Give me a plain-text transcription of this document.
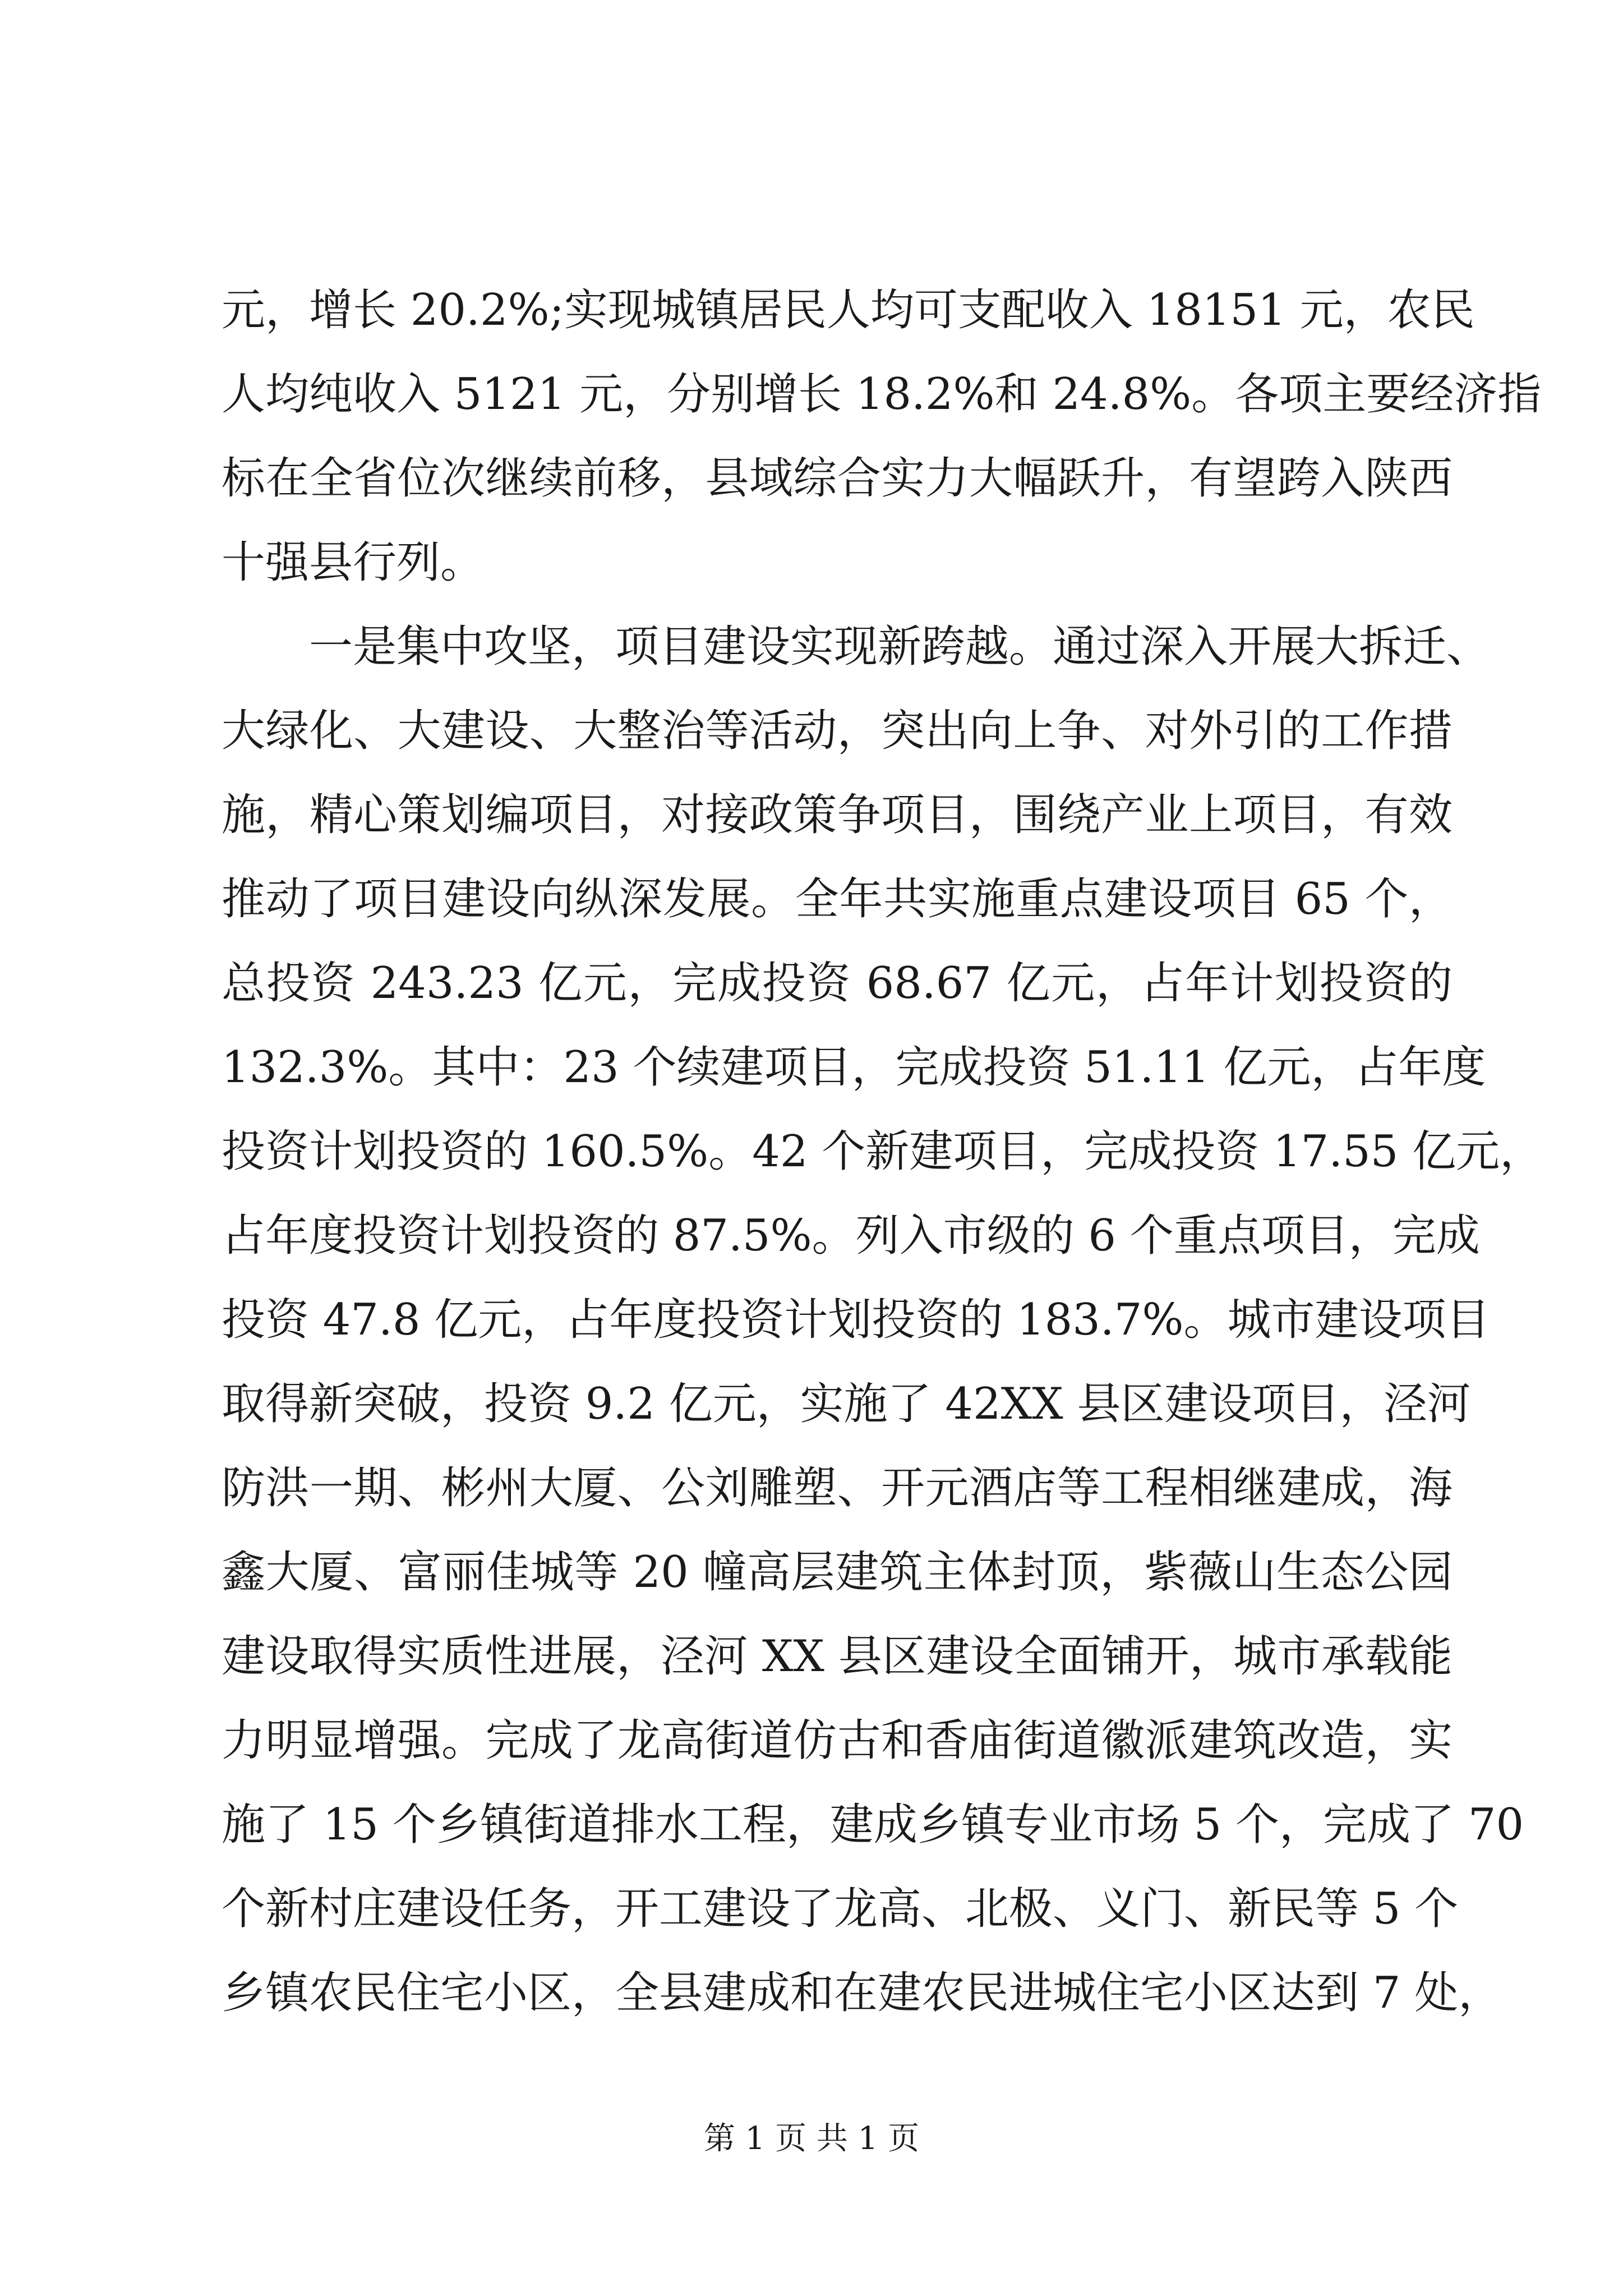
元，增长 20.2%;实现城镇居民人均可支配收入 18151 元，农民
人均纯收入 5121 元，分别增长 18.2%和 24.8%。各项主要经济指
标在全省位次继续前移，县域综合实力大幅跃升，有望跨入陕西
十强县行列。
一是集中攻坚，项目建设实现新跨越。通过深入开展大拆迁、
大绿化、大建设、大整治等活动，突出向上争、对外引的工作措
施，精心策划编项目，对接政策争项目，围绕产业上项目，有效
推动了项目建设向纵深发展。全年共实施重点建设项目 65 个，
总投资 243.23 亿元，完成投资 68.67 亿元，占年计划投资的
132.3%。其中：23 个续建项目，完成投资 51.11 亿元，占年度
投资计划投资的 160.5%。42 个新建项目，完成投资 17.55 亿元，
占年度投资计划投资的 87.5%。列入市级的 6 个重点项目，完成
投资 47.8 亿元，占年度投资计划投资的 183.7%。城市建设项目
取得新突破，投资 9.2 亿元，实施了 42XX 县区建设项目，泾河
防洪一期、彬州大厦、公刘雕塑、开元酒店等工程相继建成，海
鑫大厦、富丽佳城等 20 幢高层建筑主体封顶，紫薇山生态公园
建设取得实质性进展，泾河 XX 县区建设全面铺开，城市承载能
力明显增强。完成了龙高街道仿古和香庙街道徽派建筑改造，实
施了 15 个乡镇街道排水工程，建成乡镇专业市场 5 个，完成了 70
个新村庄建设任务，开工建设了龙高、北极、义门、新民等 5 个
乡镇农民住宅小区，全县建成和在建农民进城住宅小区达到 7 处，
第 1 页 共 1 页
